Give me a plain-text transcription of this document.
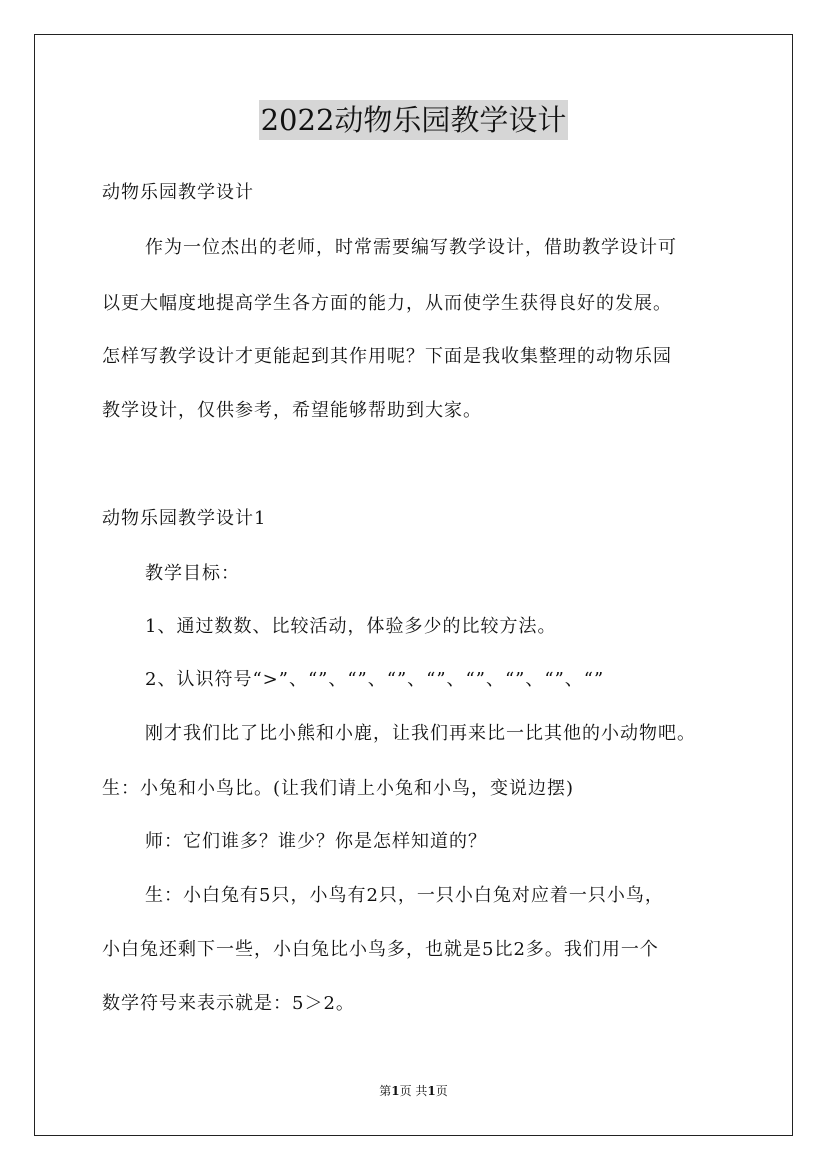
2022动物乐园教学设计
动物乐园教学设计
作为一位杰出的老师，时常需要编写教学设计，借助教学设计可
以更大幅度地提高学生各方面的能力，从而使学生获得良好的发展。
怎样写教学设计才更能起到其作用呢？下面是我收集整理的动物乐园
教学设计，仅供参考，希望能够帮助到大家。
动物乐园教学设计1
教学目标：
1、通过数数、比较活动，体验多少的比较方法。
2、认识符号“>”、“”、“”、“”、“”、“”、“”、“”、“”
刚才我们比了比小熊和小鹿，让我们再来比一比其他的小动物吧。
生：小兔和小鸟比。(让我们请上小兔和小鸟，变说边摆)
师：它们谁多？谁少？你是怎样知道的？
生：小白兔有5只，小鸟有2只，一只小白兔对应着一只小鸟，
小白兔还剩下一些，小白兔比小鸟多，也就是5比2多。我们用一个
数学符号来表示就是：5＞2。
第1页 共1页
